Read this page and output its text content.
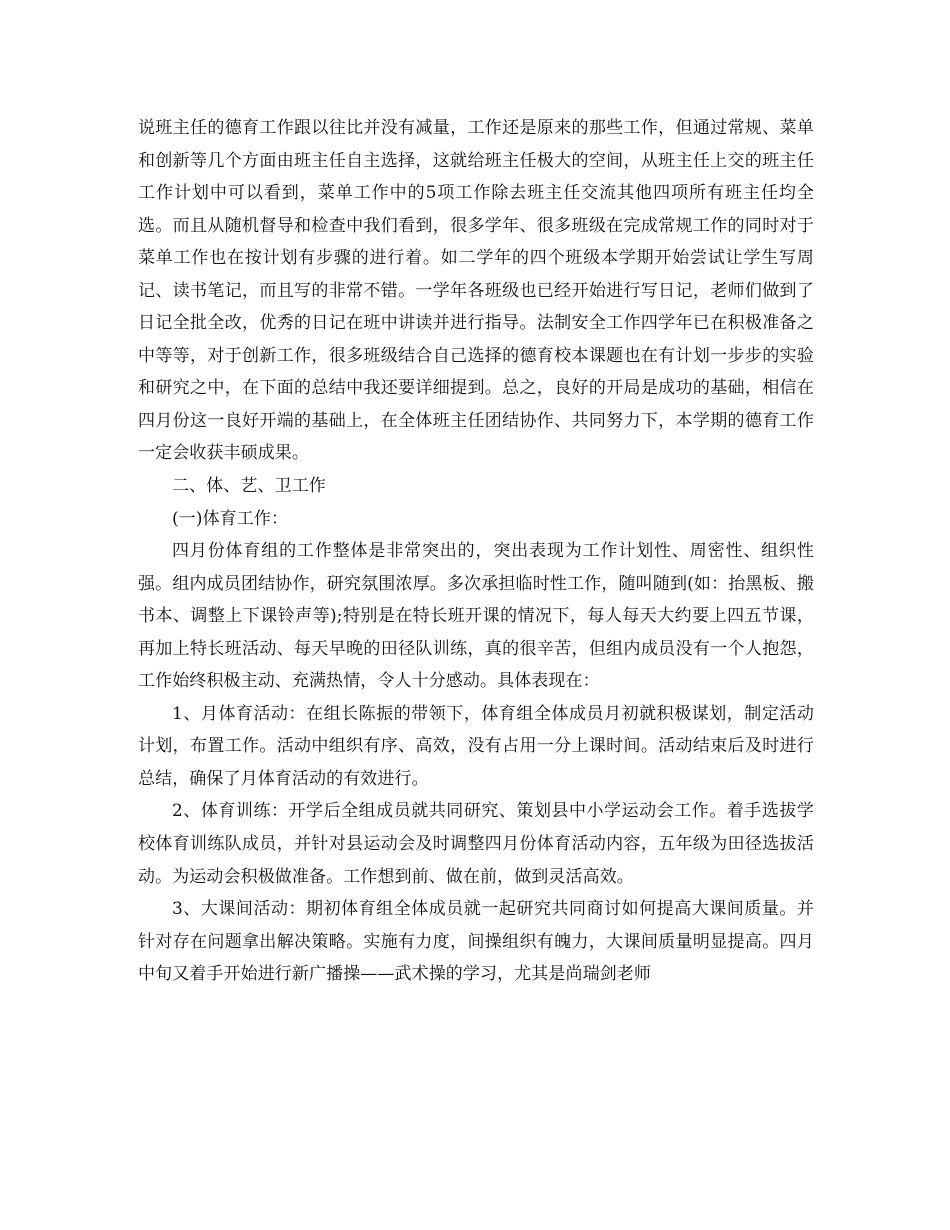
说班主任的德育工作跟以往比并没有减量，工作还是原来的那些工作，但通过常规、菜单和创新等几个方面由班主任自主选择，这就给班主任极大的空间，从班主任上交的班主任工作计划中可以看到，菜单工作中的5项工作除去班主任交流其他四项所有班主任均全选。而且从随机督导和检查中我们看到，很多学年、很多班级在完成常规工作的同时对于菜单工作也在按计划有步骤的进行着。如二学年的四个班级本学期开始尝试让学生写周记、读书笔记，而且写的非常不错。一学年各班级也已经开始进行写日记，老师们做到了日记全批全改，优秀的日记在班中讲读并进行指导。法制安全工作四学年已在积极准备之中等等，对于创新工作，很多班级结合自己选择的德育校本课题也在有计划一步步的实验和研究之中，在下面的总结中我还要详细提到。总之，良好的开局是成功的基础，相信在四月份这一良好开端的基础上，在全体班主任团结协作、共同努力下，本学期的德育工作一定会收获丰硕成果。

二、体、艺、卫工作

(一)体育工作：

四月份体育组的工作整体是非常突出的，突出表现为工作计划性、周密性、组织性强。组内成员团结协作，研究氛围浓厚。多次承担临时性工作，随叫随到(如：抬黑板、搬书本、调整上下课铃声等);特别是在特长班开课的情况下，每人每天大约要上四五节课，再加上特长班活动、每天早晚的田径队训练，真的很辛苦，但组内成员没有一个人抱怨，工作始终积极主动、充满热情，令人十分感动。具体表现在：

1、月体育活动：在组长陈振的带领下，体育组全体成员月初就积极谋划，制定活动计划，布置工作。活动中组织有序、高效，没有占用一分上课时间。活动结束后及时进行总结，确保了月体育活动的有效进行。

2、体育训练：开学后全组成员就共同研究、策划县中小学运动会工作。着手选拔学校体育训练队成员，并针对县运动会及时调整四月份体育活动内容，五年级为田径选拔活动。为运动会积极做准备。工作想到前、做在前，做到灵活高效。

3、大课间活动：期初体育组全体成员就一起研究共同商讨如何提高大课间质量。并针对存在问题拿出解决策略。实施有力度，间操组织有魄力，大课间质量明显提高。四月中旬又着手开始进行新广播操——武术操的学习，尤其是尚瑞剑老师
